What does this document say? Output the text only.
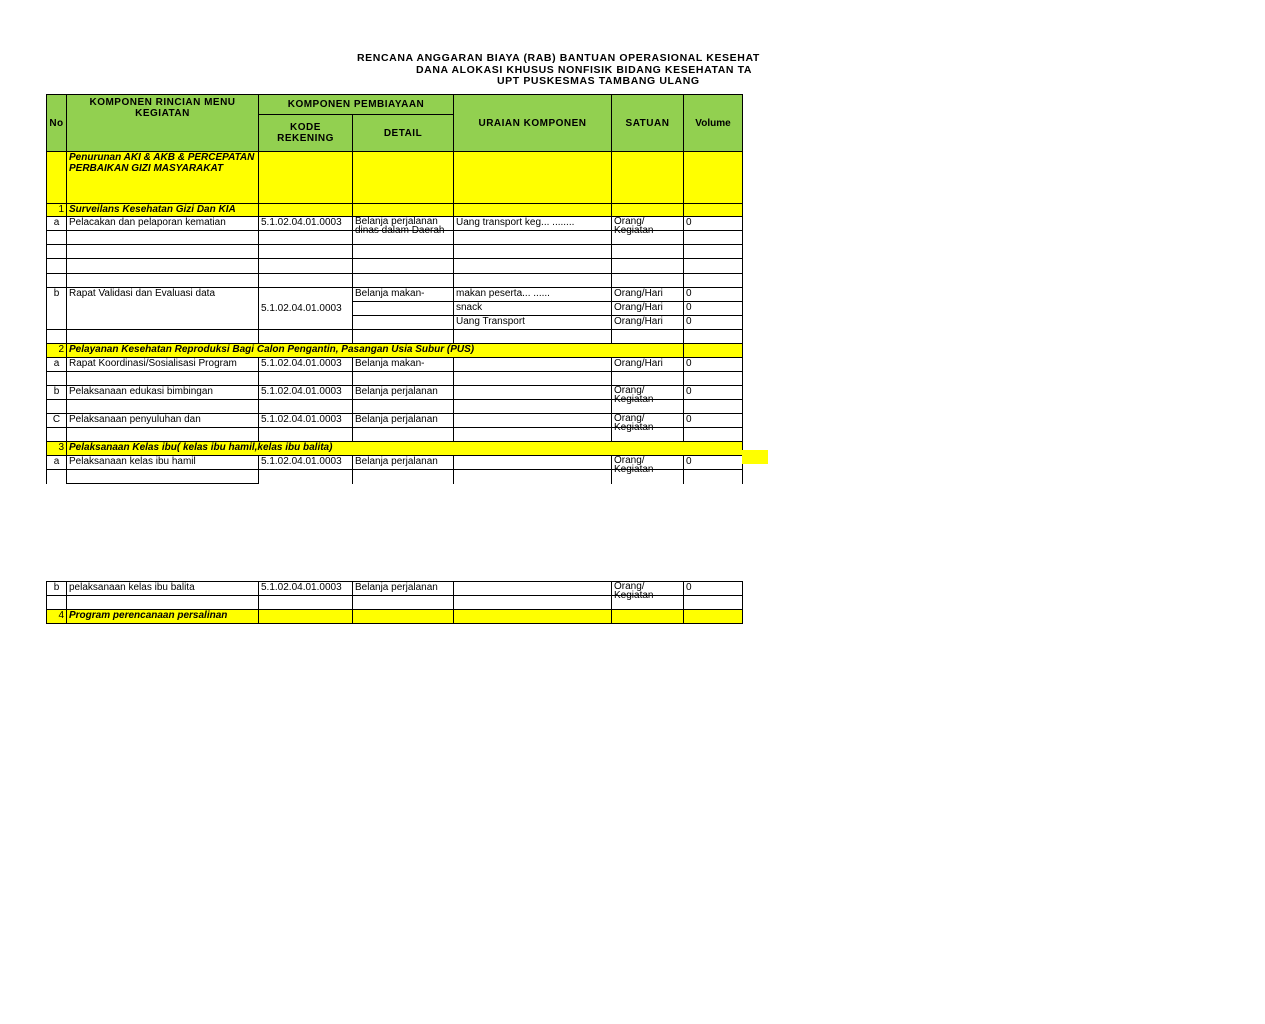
RENCANA ANGGARAN BIAYA (RAB) BANTUAN OPERASIONAL KESEHAT
DANA ALOKASI KHUSUS NONFISIK BIDANG KESEHATAN TA
UPT PUSKESMAS TAMBANG ULANG
No	KOMPONEN RINCIAN MENU KEGIATAN	KOMPONEN PEMBIAYAAN		URAIAN KOMPONEN	SATUAN	Volume
		KODE REKENING	DETAIL			
	Penurunan AKI & AKB & PERCEPATAN PERBAIKAN GIZI MASYARAKAT					
1	Surveilans Kesehatan Gizi Dan KIA					
a	Pelacakan dan pelaporan kematian	5.1.02.04.01.0003	Belanja perjalanan dinas dalam Daerah	Uang transport keg... ........	Orang/ Kegiatan	0

b	Rapat Validasi dan Evaluasi data	5.1.02.04.01.0003	Belanja makan-	makan peserta... ......	Orang/Hari	0
				snack	Orang/Hari	0
				Uang Transport	Orang/Hari	0

2	Pelayanan Kesehatan Reproduksi Bagi Calon Pengantin, Pasangan Usia Subur (PUS)					
a	Rapat Koordinasi/Sosialisasi Program	5.1.02.04.01.0003	Belanja makan-		Orang/Hari	0

b	Pelaksanaan edukasi bimbingan	5.1.02.04.01.0003	Belanja perjalanan		Orang/ Kegiatan	0

C	Pelaksanaan penyuluhan dan	5.1.02.04.01.0003	Belanja perjalanan		Orang/ Kegiatan	0

3	Pelaksanaan Kelas ibu( kelas ibu hamil,kelas ibu balita)					
a	Pelaksanaan kelas ibu hamil	5.1.02.04.01.0003	Belanja perjalanan		Orang/ Kegiatan	0

b	pelaksanaan kelas ibu balita	5.1.02.04.01.0003	Belanja perjalanan		Orang/ Kegiatan	0

4	Program perencanaan persalinan					
